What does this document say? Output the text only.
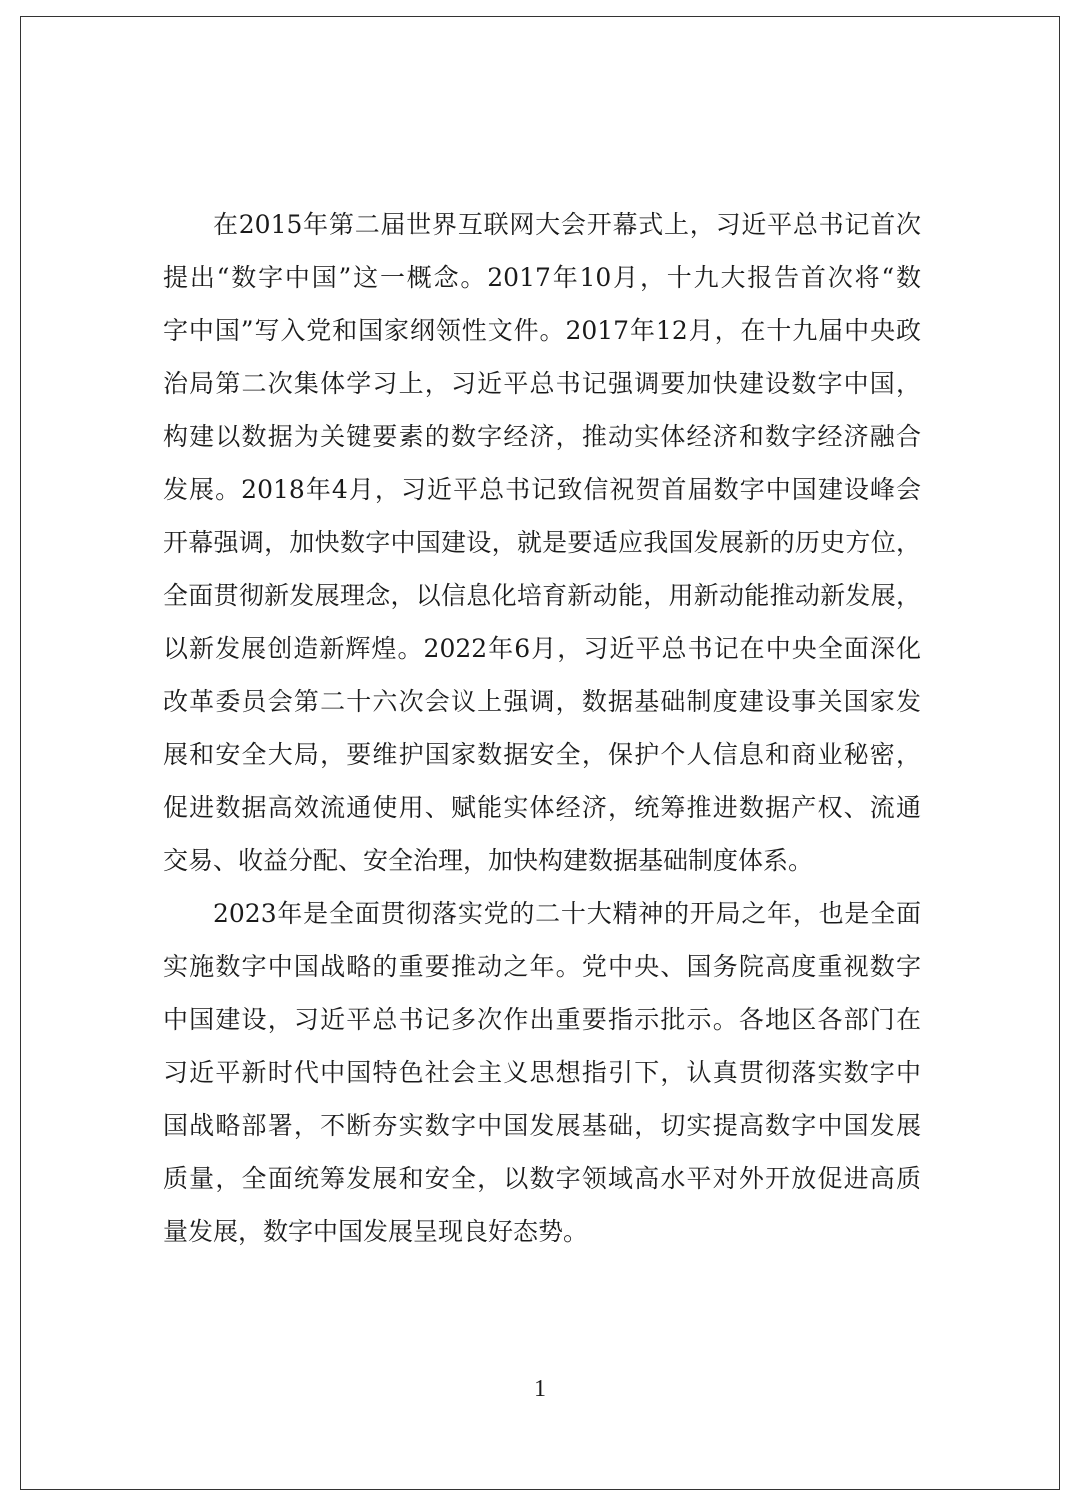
在2015年第二届世界互联网大会开幕式上，习近平总书记首次
提出“数字中国”这一概念。2017年10月，十九大报告首次将“数
字中国”写入党和国家纲领性文件。2017年12月，在十九届中央政
治局第二次集体学习上，习近平总书记强调要加快建设数字中国，
构建以数据为关键要素的数字经济，推动实体经济和数字经济融合
发展。2018年4月，习近平总书记致信祝贺首届数字中国建设峰会
开幕强调，加快数字中国建设，就是要适应我国发展新的历史方位，
全面贯彻新发展理念，以信息化培育新动能，用新动能推动新发展，
以新发展创造新辉煌。2022年6月，习近平总书记在中央全面深化
改革委员会第二十六次会议上强调，数据基础制度建设事关国家发
展和安全大局，要维护国家数据安全，保护个人信息和商业秘密，
促进数据高效流通使用、赋能实体经济，统筹推进数据产权、流通
交易、收益分配、安全治理，加快构建数据基础制度体系。
2023年是全面贯彻落实党的二十大精神的开局之年，也是全面
实施数字中国战略的重要推动之年。党中央、国务院高度重视数字
中国建设，习近平总书记多次作出重要指示批示。各地区各部门在
习近平新时代中国特色社会主义思想指引下，认真贯彻落实数字中
国战略部署，不断夯实数字中国发展基础，切实提高数字中国发展
质量，全面统筹发展和安全，以数字领域高水平对外开放促进高质
量发展，数字中国发展呈现良好态势。
1
